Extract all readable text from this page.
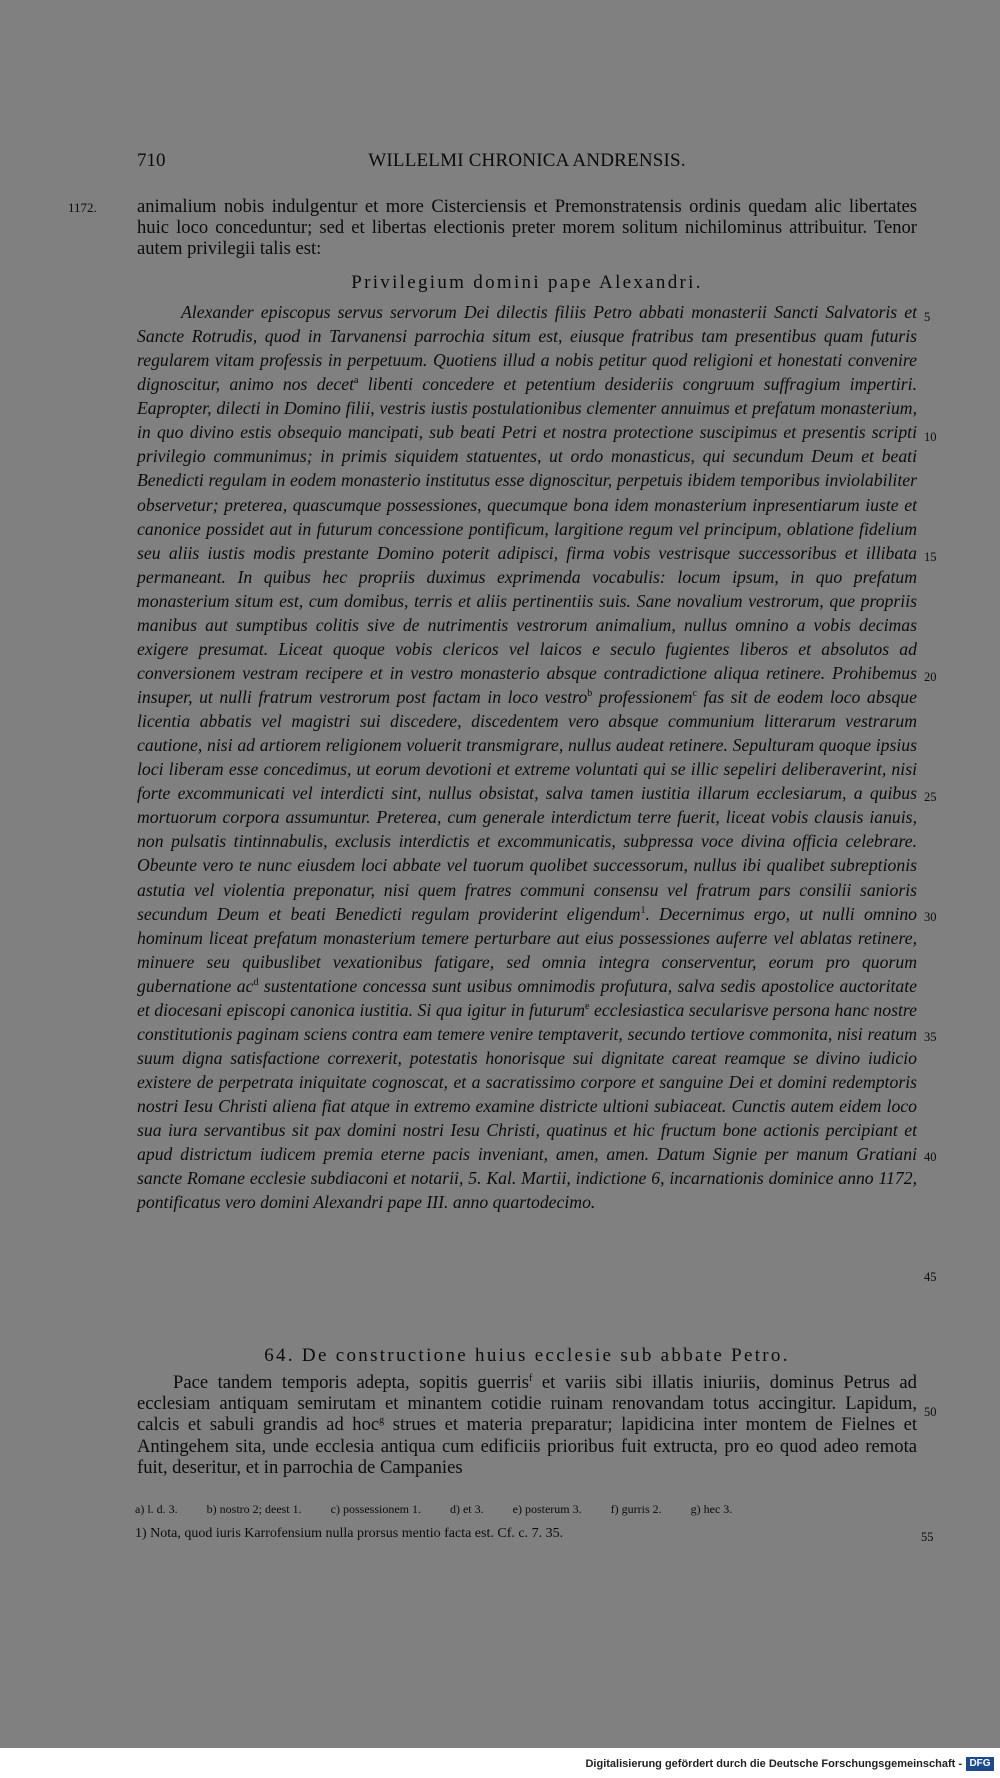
710	WILLELMI CHRONICA ANDRENSIS.
1172. animalium nobis indulgentur et more Cisterciensis et Premonstratensis ordinis quedam alic libertates huic loco conceduntur; sed et libertas electionis preter morem solitum nichilominus attribuitur. Tenor autem privilegii talis est:
Privilegium domini pape Alexandri.
Alexander episcopus servus servorum Dei dilectis filiis Petro abbati monasterii Sancti Salvatoris et Sancte Rotrudis, quod in Tarvanensi parrochia situm est, eiusque fratribus tam presentibus quam futuris regularem vitam professis in perpetuum. Quotiens illud a nobis petitur quod religioni et honestati convenire dignoscitur, animo nos decet$^a$ libenti concedere et petentium desideriis congruum suffragium impertiri. Eapropter, dilecti in Domino filii, vestris iustis postulationibus clementer annuimus et prefatum monasterium, in quo divino estis obsequio mancipati, sub beati Petri et nostra protectione suscipimus et presentis scripti privilegio communimus; in primis siquidem statuentes, ut ordo monasticus, qui secundum Deum et beati Benedicti regulam in eodem monasterio institutus esse dignoscitur, perpetuis ibidem temporibus inviolabiliter observetur; preterea, quascumque possessiones, quecumque bona idem monasterium inpresentiarum iuste et canonice possidet aut in futurum concessione pontificum, largitione regum vel principum, oblatione fidelium seu aliis iustis modis prestante Domino poterit adipisci, firma vobis vestrisque successoribus et illibata permaneant. In quibus hec propriis duximus exprimenda vocabulis: locum ipsum, in quo prefatum monasterium situm est, cum domibus, terris et aliis pertinentiis suis. Sane novalium vestrorum, que propriis manibus aut sumptibus colitis sive de nutrimentis vestrorum animalium, nullus omnino a vobis decimas exigere presumat. Liceat quoque vobis clericos vel laicos e seculo fugientes liberos et absolutos ad conversionem vestram recipere et in vestro monasterio absque contradictione aliqua retinere. Prohibemus insuper, ut nulli fratrum vestrorum post factam in loco vestro$^b$ professionem$^c$ fas sit de eodem loco absque licentia abbatis vel magistri sui discedere, discedentem vero absque communium litterarum vestrarum cautione, nisi ad artiorem religionem voluerit transmigrare, nullus audeat retinere. Sepulturam quoque ipsius loci liberam esse concedimus, ut eorum devotioni et extreme voluntati qui se illic sepeliri deliberaverint, nisi forte excommunicati vel interdicti sint, nullus obsistat, salva tamen iustitia illarum ecclesiarum, a quibus mortuorum corpora assumuntur. Preterea, cum generale interdictum terre fuerit, liceat vobis clausis ianuis, non pulsatis tintinnabulis, exclusis interdictis et excommunicatis, subpressa voce divina officia celebrare. Obeunte vero te nunc eiusdem loci abbate vel tuorum quolibet successorum, nullus ibi qualibet subreptionis astutia vel violentia preponatur, nisi quem fratres communi consensu vel fratrum pars consilii sanioris secundum Deum et beati Benedicti regulam providerint eligendum$^1$. Decernimus ergo, ut nulli omnino hominum liceat prefatum monasterium temere perturbare aut eius possessiones auferre vel ablatas retinere, minuere seu quibuslibet vexationibus fatigare, sed omnia integra conserventur, eorum pro quorum gubernatione $ac^d$ sustentatione concessa sunt usibus omnimodis profutura, salva sedis apostolice auctoritate et diocesani episcopi canonica iustitia. Si qua igitur in futurum$^e$ ecclesiastica secularisve persona hanc nostre constitutionis paginam sciens contra eam temere venire temptaverit, secundo tertiove commonita, nisi reatum suum digna satisfactione correxerit, potestatis honorisque sui dignitate careat reamque se divino iudicio existere de perpetrata iniquitate cognoscat, et a sacratissimo corpore et sanguine Dei et domini redemptoris nostri Iesu Christi aliena fiat atque in extremo examine districte ultioni subiaceat. Cunctis autem eidem loco sua iura servantibus sit pax domini nostri Iesu Christi, quatinus et hic fructum bone actionis percipiant et apud districtum iudicem premia eterne pacis inveniant, amen, amen. Datum Signie per manum Gratiani sancte Romane ecclesie subdiaconi et notarii, 5. Kal. Martii, indictione 6, incarnationis dominice anno 1172, pontificatus vero domini Alexandri pape III. anno quartodecimo.
64. De constructione huius ecclesie sub abbate Petro.
Pace tandem temporis adepta, sopitis guerris$^f$ et variis sibi illatis iniuriis, dominus Petrus ad ecclesiam antiquam semirutam et minantem cotidie ruinam renovandam totus accingitur. Lapidum, calcis et sabuli grandis ad hoc$^g$ strues et materia preparatur; lapidicina inter montem de Fielnes et Antingehem sita, unde ecclesia antiqua cum edificiis prioribus fuit extructa, pro eo quod adeo remota fuit, deseritur, et in parrochia de Campanies
5
10
15
20
25
30
35
40
45
50
a) l. d. 3. b) nostro 2; deest 1. c) possessionem 1. d) et 3. e) posterum 3. f) gurris 2. g) hec 3.
1) Nota, quod iuris Karrofensium nulla prorsus mentio facta est. Cf. c. 7. 35.	55
Digitalisierung gefördert durch die Deutsche Forschungsgemeinschaft - DFG
